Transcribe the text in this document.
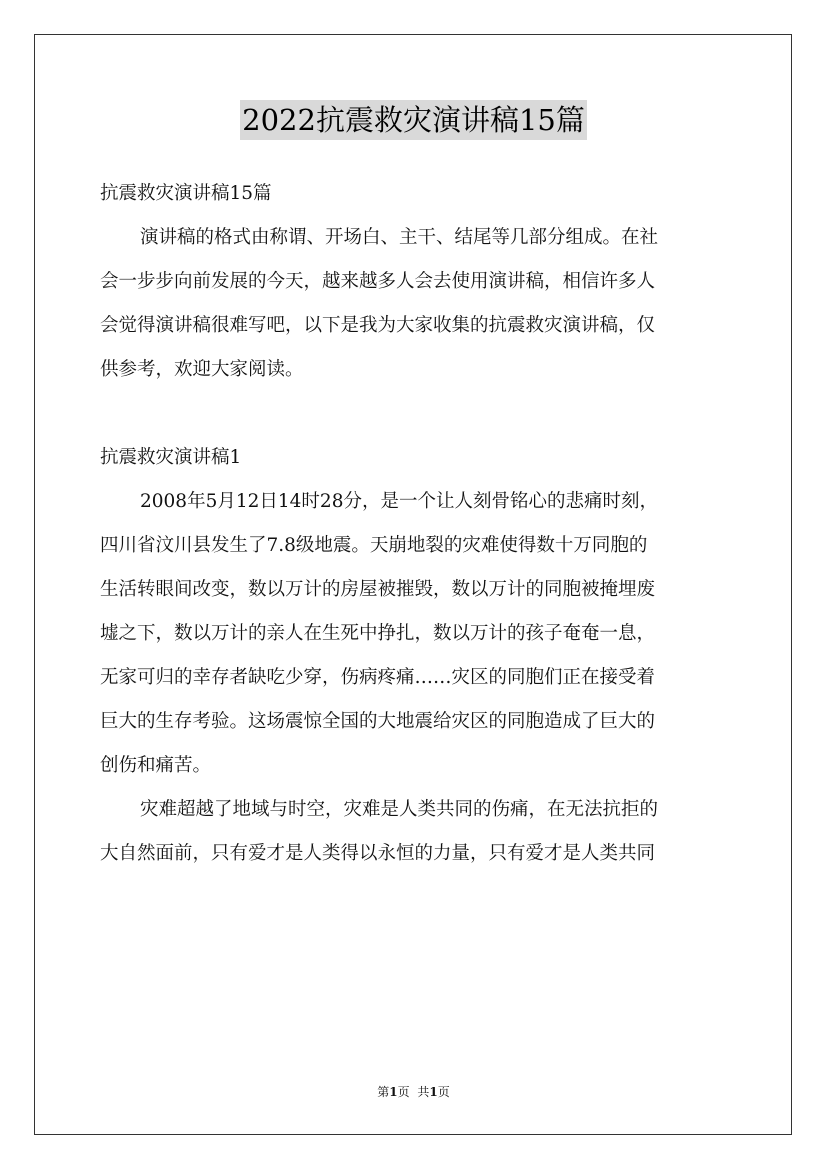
2022抗震救灾演讲稿15篇
抗震救灾演讲稿15篇
演讲稿的格式由称谓、开场白、主干、结尾等几部分组成。在社
会一步步向前发展的今天，越来越多人会去使用演讲稿，相信许多人
会觉得演讲稿很难写吧，以下是我为大家收集的抗震救灾演讲稿，仅
供参考，欢迎大家阅读。
抗震救灾演讲稿1
2008年5月12日14时28分，是一个让人刻骨铭心的悲痛时刻，
四川省汶川县发生了7.8级地震。天崩地裂的灾难使得数十万同胞的
生活转眼间改变，数以万计的房屋被摧毁，数以万计的同胞被掩埋废
墟之下，数以万计的亲人在生死中挣扎，数以万计的孩子奄奄一息，
无家可归的幸存者缺吃少穿，伤病疼痛……灾区的同胞们正在接受着
巨大的生存考验。这场震惊全国的大地震给灾区的同胞造成了巨大的
创伤和痛苦。
灾难超越了地域与时空，灾难是人类共同的伤痛，在无法抗拒的
大自然面前，只有爱才是人类得以永恒的力量，只有爱才是人类共同
第1页 共1页
